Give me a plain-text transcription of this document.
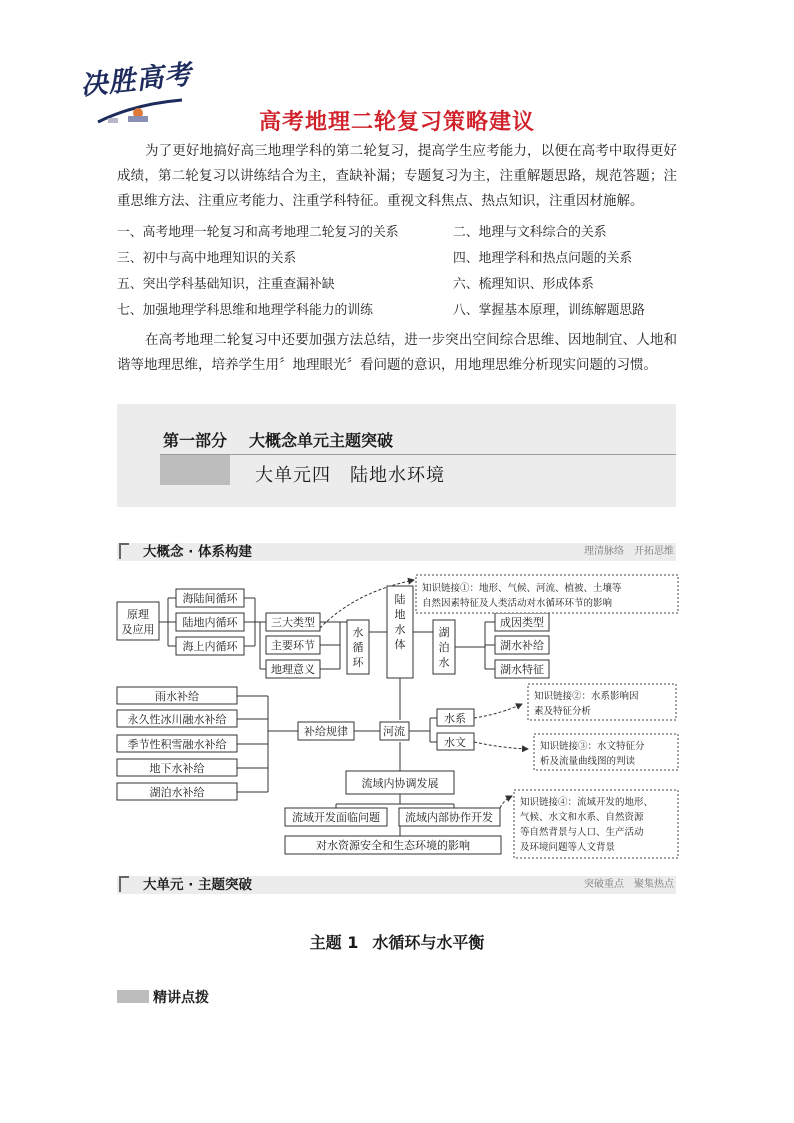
决胜高考
高考地理二轮复习策略建议

为了更好地搞好高三地理学科的第二轮复习，提高学生应考能力，以便在高考中取得更好成绩，第二轮复习以讲练结合为主，查缺补漏；专题复习为主，注重解题思路，规范答题；注重思维方法、注重应考能力、注重学科特征。重视文科焦点、热点知识，注重因材施解。

一、高考地理一轮复习和高考地理二轮复习的关系	二、地理与文科综合的关系
三、初中与高中地理知识的关系	四、地理学科和热点问题的关系
五、突出学科基础知识，注重查漏补缺	六、梳理知识、形成体系
七、加强地理学科思维和地理学科能力的训练	八、掌握基本原理，训练解题思路

在高考地理二轮复习中还要加强方法总结，进一步突出空间综合思维、因地制宜、人地和谐等地理思维，培养学生用〞地理眼光〞看问题的意识，用地理思维分析现实问题的习惯。

第一部分 大概念单元主题突破
大单元四　陆地水环境
大概念 · 体系构建	理清脉络　开拓思维
原理
及应用
海陆间循环
陆地内循环
海上内循环
三大类型
主要环节
地理意义
水
循
环
陆
地
水
体
湖
泊
水
成因类型
湖水补给
湖水特征
雨水补给
永久性冰川融水补给
季节性积雪融水补给
地下水补给
湖泊水补给
补给规律	河流
水系
水文
流域内协调发展
流域开发面临问题 流域内部协作开发
对水资源安全和生态环境的影响
知识链接①：地形、气候、河流、植被、土壤等
自然因素特征及人类活动对水循环环节的影响
知识链接②：水系影响因
素及特征分析
知识链接③：水文特征分
析及流量曲线图的判读
知识链接④：流域开发的地形、
气候、水文和水系、自然资源
等自然背景与人口、生产活动
及环境问题等人文背景
大单元 · 主题突破	突破重点　聚集热点
主题 1 水循环与水平衡
精讲点拨
